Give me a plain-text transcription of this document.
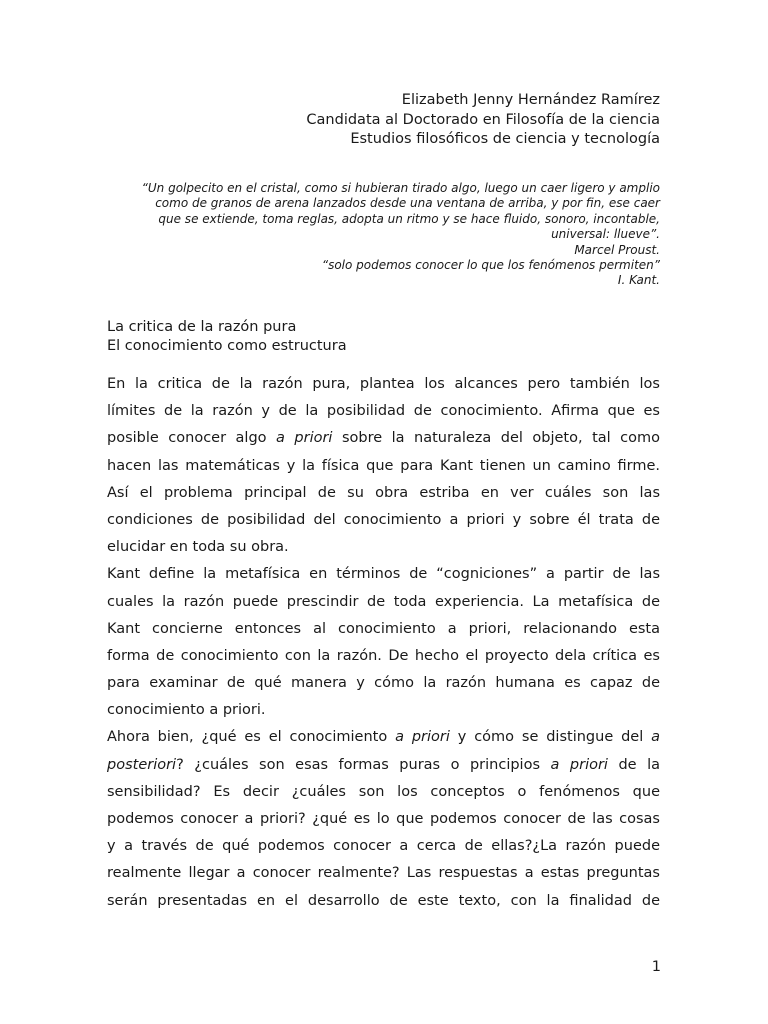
Elizabeth Jenny Hernández Ramírez
Candidata al Doctorado en Filosofía de la ciencia
Estudios filosóficos de ciencia y tecnología
“Un golpecito en el cristal, como si hubieran tirado algo, luego un caer ligero y amplio
como de granos de arena lanzados desde una ventana de arriba, y por fin, ese caer
que se extiende, toma reglas, adopta un ritmo y se hace fluido, sonoro, incontable,
universal: llueve”.
Marcel Proust.
“solo podemos conocer lo que los fenómenos permiten”
I. Kant.
La critica de la razón pura
El conocimiento como estructura
En la critica de la razón pura, plantea los alcances pero también los
límites de la razón y de la posibilidad de conocimiento. Afirma que es
posible conocer algo a priori sobre la naturaleza del objeto, tal como
hacen las matemáticas y la física que para Kant tienen un camino firme.
Así el problema principal de su obra estriba en ver cuáles son las
condiciones de posibilidad del conocimiento a priori y sobre él trata de
elucidar en toda su obra.
Kant define la metafísica en términos de “cogniciones” a partir de las
cuales la razón puede prescindir de toda experiencia. La metafísica de
Kant concierne entonces al conocimiento a priori, relacionando esta
forma de conocimiento con la razón. De hecho el proyecto dela crítica es
para examinar de qué manera y cómo la razón humana es capaz de
conocimiento a priori.
Ahora bien, ¿qué es el conocimiento a priori y cómo se distingue del a
posteriori? ¿cuáles son esas formas puras o principios a priori de la
sensibilidad? Es decir ¿cuáles son los conceptos o fenómenos que
podemos conocer a priori? ¿qué es lo que podemos conocer de las cosas
y a través de qué podemos conocer a cerca de ellas?¿La razón puede
realmente llegar a conocer realmente? Las respuestas a estas preguntas
serán presentadas en el desarrollo de este texto, con la finalidad de
1
